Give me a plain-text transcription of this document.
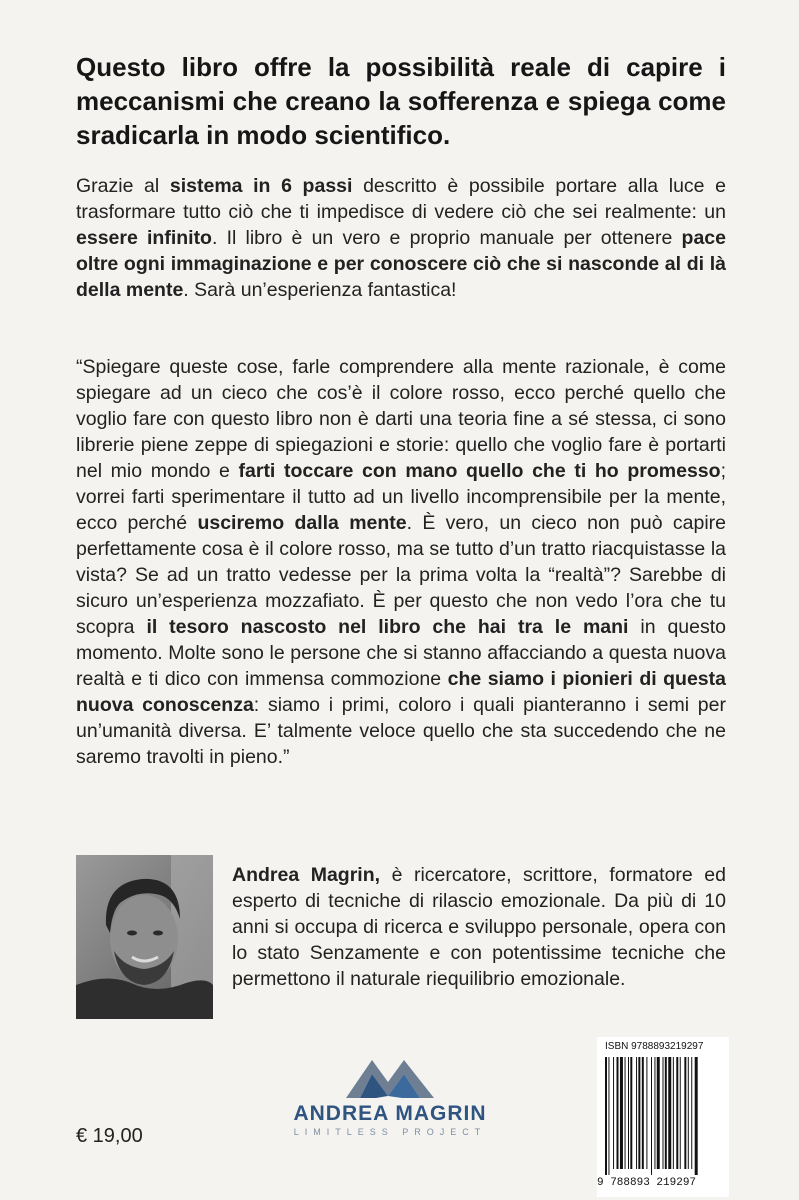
Questo libro offre la possibilità reale di capire i meccanismi che creano la sofferenza e spiega come sradicarla in modo scientifico.
Grazie al sistema in 6 passi descritto è possibile portare alla luce e trasformare tutto ciò che ti impedisce di vedere ciò che sei realmente: un essere infinito. Il libro è un vero e proprio manuale per ottenere pace oltre ogni immaginazione e per conoscere ciò che si nasconde al di là della mente. Sarà un’esperienza fantastica!
“Spiegare queste cose, farle comprendere alla mente razionale, è come spiegare ad un cieco che cos’è il colore rosso, ecco perché quello che voglio fare con questo libro non è darti una teoria fine a sé stessa, ci sono librerie piene zeppe di spiegazioni e storie: quello che voglio fare è portarti nel mio mondo e farti toccare con mano quello che ti ho promesso; vorrei farti sperimentare il tutto ad un livello incomprensibile per la mente, ecco perché usciremo dalla mente. È vero, un cieco non può capire perfettamente cosa è il colore rosso, ma se tutto d’un tratto riacquistasse la vista? Se ad un tratto vedesse per la prima volta la “realtà”? Sarebbe di sicuro un’esperienza mozzafiato. È per questo che non vedo l’ora che tu scopra il tesoro nascosto nel libro che hai tra le mani in questo momento. Molte sono le persone che si stanno affacciando a questa nuova realtà e ti dico con immensa commozione che siamo i pionieri di questa nuova conoscenza: siamo i primi, coloro i quali pianteranno i semi per un’umanità diversa. E’ talmente veloce quello che sta succedendo che ne saremo travolti in pieno.”
Andrea Magrin, è ricercatore, scrittore, formatore ed esperto di tecniche di rilascio emozionale. Da più di 10 anni si occupa di ricerca e sviluppo personale, opera con lo stato Senzamente e con potentissime tecniche che permettono il naturale riequilibrio emozionale.
€ 19,00
ANDREA MAGRIN
LIMITLESS PROJECT
ISBN 9788893219297
9 788893 219297
